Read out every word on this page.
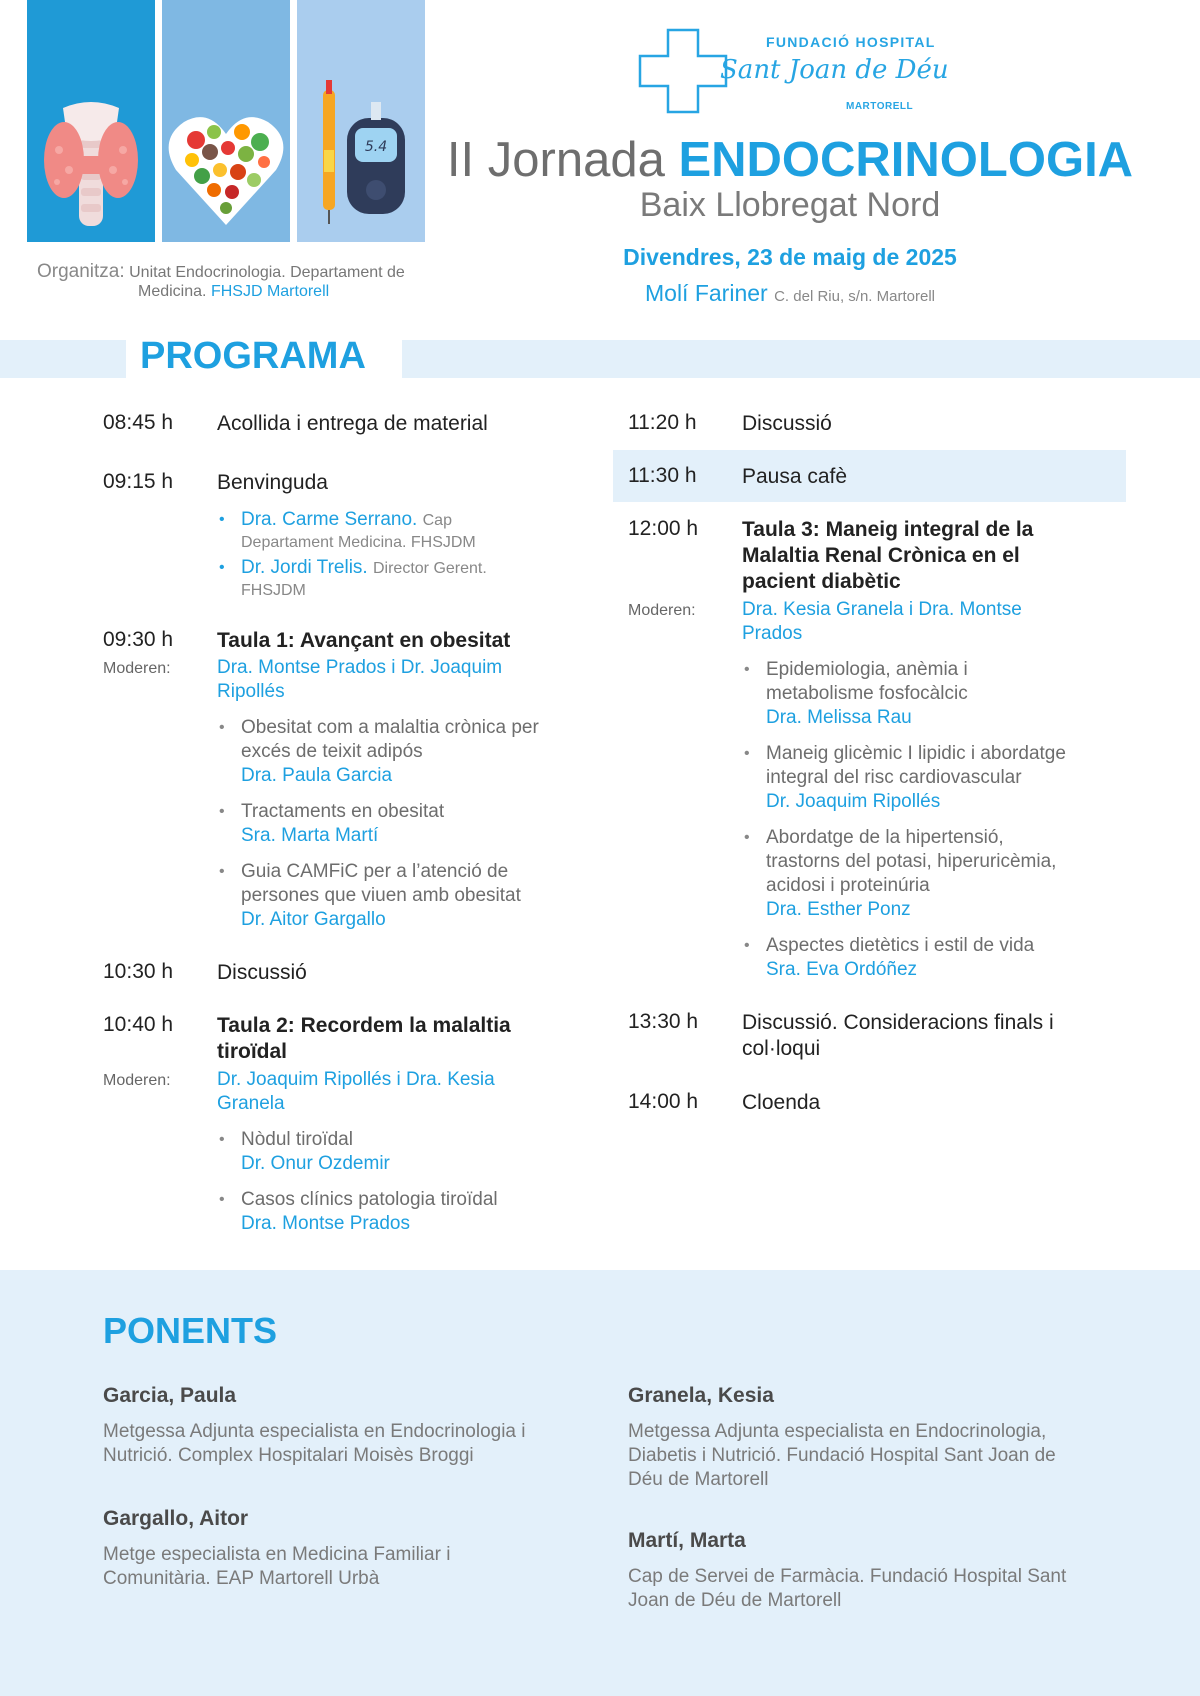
5.4
Organitza: Unitat Endocrinologia. Departament de
Medicina. FHSJD Martorell
FUNDACIÓ HOSPITAL
Sant Joan de Déu
MARTORELL
II Jornada ENDOCRINOLOGIA
Baix Llobregat Nord
Divendres, 23 de maig de 2025
Molí Fariner C. del Riu, s/n. Martorell
PROGRAMA
08:45 h Acollida i entrega de material
09:15 h Benvinguda
• Dra. Carme Serrano. Cap
Departament Medicina. FHSJDM
• Dr. Jordi Trelis. Director Gerent.
FHSJDM
09:30 h Taula 1: Avançant en obesitat
Moderen: Dra. Montse Prados i Dr. Joaquim
Ripollés
• Obesitat com a malaltia crònica per
excés de teixit adipós
Dra. Paula Garcia
• Tractaments en obesitat
Sra. Marta Martí
• Guia CAMFiC per a l’atenció de
persones que viuen amb obesitat
Dr. Aitor Gargallo
10:30 h Discussió
10:40 h Taula 2: Recordem la malaltia
tiroïdal
Moderen: Dr. Joaquim Ripollés i Dra. Kesia
Granela
• Nòdul tiroïdal
Dr. Onur Ozdemir
• Casos clínics patologia tiroïdal
Dra. Montse Prados
11:20 h Discussió
11:30 h Pausa cafè
12:00 h Taula 3: Maneig integral de la
Malaltia Renal Crònica en el
pacient diabètic
Moderen: Dra. Kesia Granela i Dra. Montse
Prados
• Epidemiologia, anèmia i
metabolisme fosfocàlcic
Dra. Melissa Rau
• Maneig glicèmic I lipidic i abordatge
integral del risc cardiovascular
Dr. Joaquim Ripollés
• Abordatge de la hipertensió,
trastorns del potasi, hiperuricèmia,
acidosi i proteinúria
Dra. Esther Ponz
• Aspectes dietètics i estil de vida
Sra. Eva Ordóñez
13:30 h Discussió. Consideracions finals i
col·loqui
14:00 h Cloenda
PONENTS
Garcia, Paula
Metgessa Adjunta especialista en Endocrinologia i
Nutrició. Complex Hospitalari Moisès Broggi
Gargallo, Aitor
Metge especialista en Medicina Familiar i
Comunitària. EAP Martorell Urbà
Granela, Kesia
Metgessa Adjunta especialista en Endocrinologia,
Diabetis i Nutrició. Fundació Hospital Sant Joan de
Déu de Martorell
Martí, Marta
Cap de Servei de Farmàcia. Fundació Hospital Sant
Joan de Déu de Martorell
